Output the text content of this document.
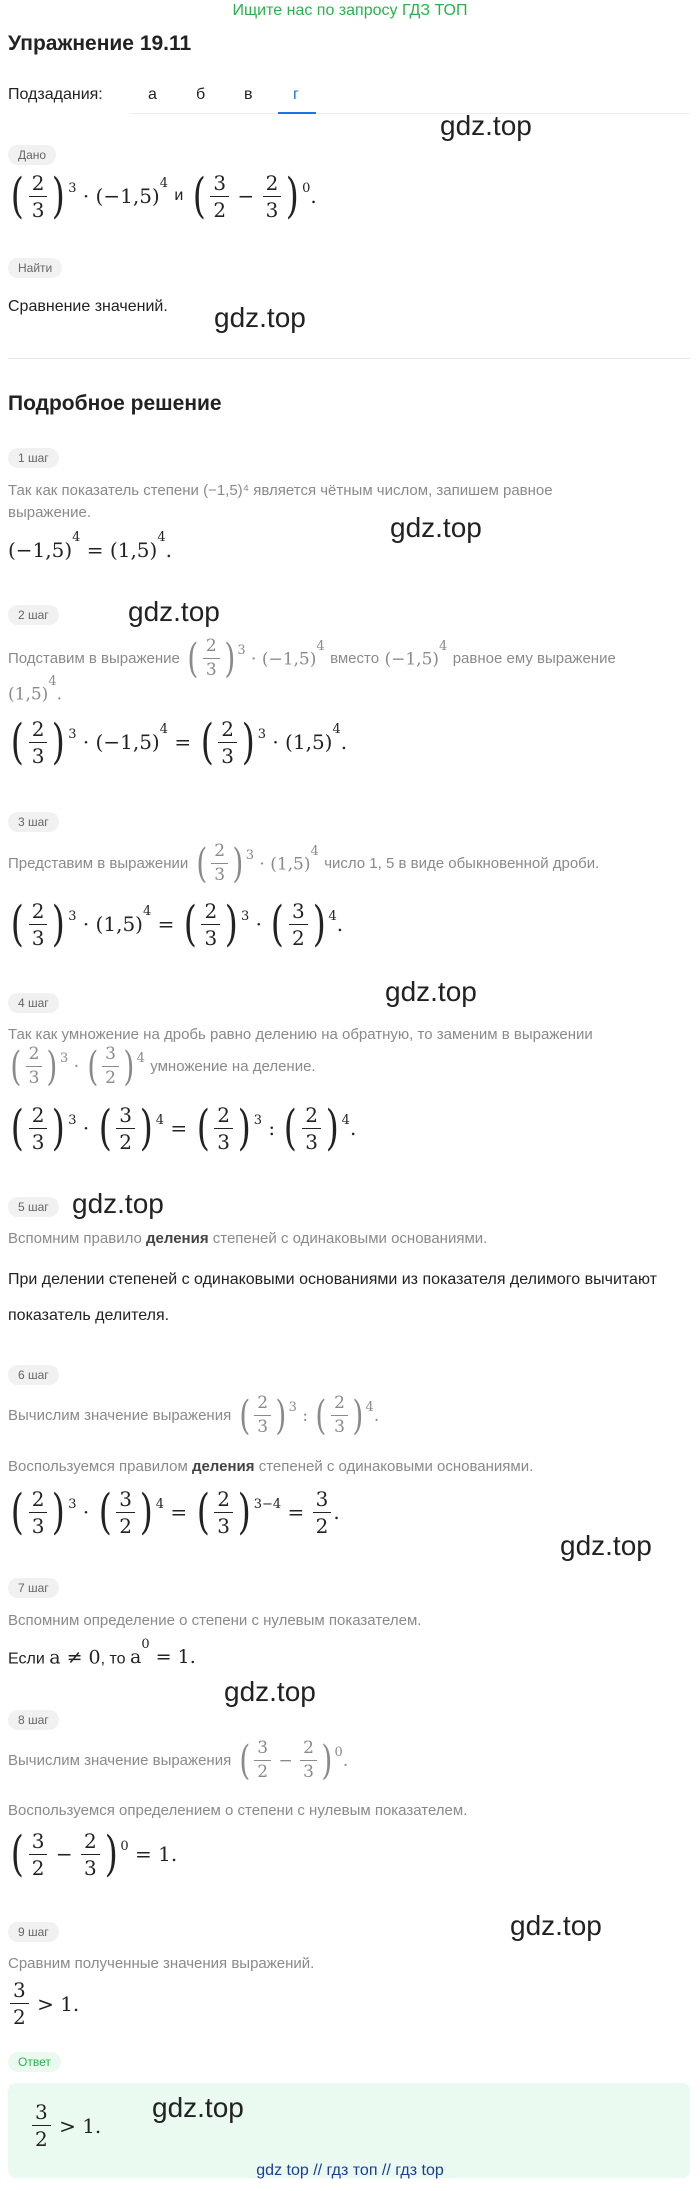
Ищите нас по запросу ГДЗ ТОП
Упражнение 19.11
Подзадания:	а б в	г
gdz.top
Дано
( $\frac{2}{3} )^3 \cdot (-1,5)^4$
и
( $\frac{3}{2} - \frac{2}{3} )^0$ .
Найти
Сравнение значений. gdz.top
Подробное решение
1 шаг
Так как показатель степени (−1,5)⁴ является чётным числом, запишем равное выражение.
$(-1,5)^4 = (1,5)^4$.
gdz.top
gdz.top
2 шаг
Подставим в выражение
( $\frac{2}{3} )^3 \cdot (-1,5)^4$
вместо $(-1,5)^4$
равное ему выражение
$(1,5)^4$.
( $\frac{2}{3} )^3 \cdot (-1,5)^4$ = ( $\frac{2}{3} )^3 \cdot (1,5)^4$.
3 шаг
Представим в выражении
( $\frac{2}{3} )^3 \cdot (1,5)^4$
число 1, 5 в виде обыкновенной дроби.
( $\frac{2}{3} )^3 \cdot (1,5)^4$ = ( $\frac{2}{3} )^3$ · ( $\frac{3}{2} )^4$ .
gdz.top
4 шаг
Так как умножение на дробь равно делению на обратную, то заменим в выражении
( $\frac{2}{3} )^3$ · ( $\frac{3}{2} )^4$
умножение на деление.
( $\frac{2}{3} )^3$ · ( $\frac{3}{2} )^4$ = ( $\frac{2}{3} )^3$ : ( $\frac{2}{3} )^4$ .
5 шаг gdz.top
Вспомним правило деления степеней с одинаковыми основаниями.
При делении степеней с одинаковыми основаниями из показателя делимого вычитают показатель делителя.
6 шаг
Вычислим значение выражения
( $\frac{2}{3} )^3$ : ( $\frac{2}{3} )^4$ .
Воспользуемся правилом деления степеней с одинаковыми основаниями.
( $\frac{2}{3} )^3$ · ( $\frac{3}{2} )^4$ = ( $\frac{2}{3} )^{3-4} = \frac{3}{2}$ .
gdz.top
7 шаг
Вспомним определение о степени с нулевым показателем.
Если a ≠ 0, то $a^0 = 1$.
gdz.top
8 шаг
Вычислим значение выражения
( $\frac{3}{2} - \frac{2}{3} )^0$ .
Воспользуемся определением о степени с нулевым показателем.
( $\frac{3}{2} - \frac{2}{3} )^0 = 1$.
gdz.top
9 шаг
Сравним полученные значения выражений.
$\frac{3}{2} > 1$.
Ответ
$\frac{3}{2} > 1$.
gdz.top
gdz top // гдз топ // гдз top
